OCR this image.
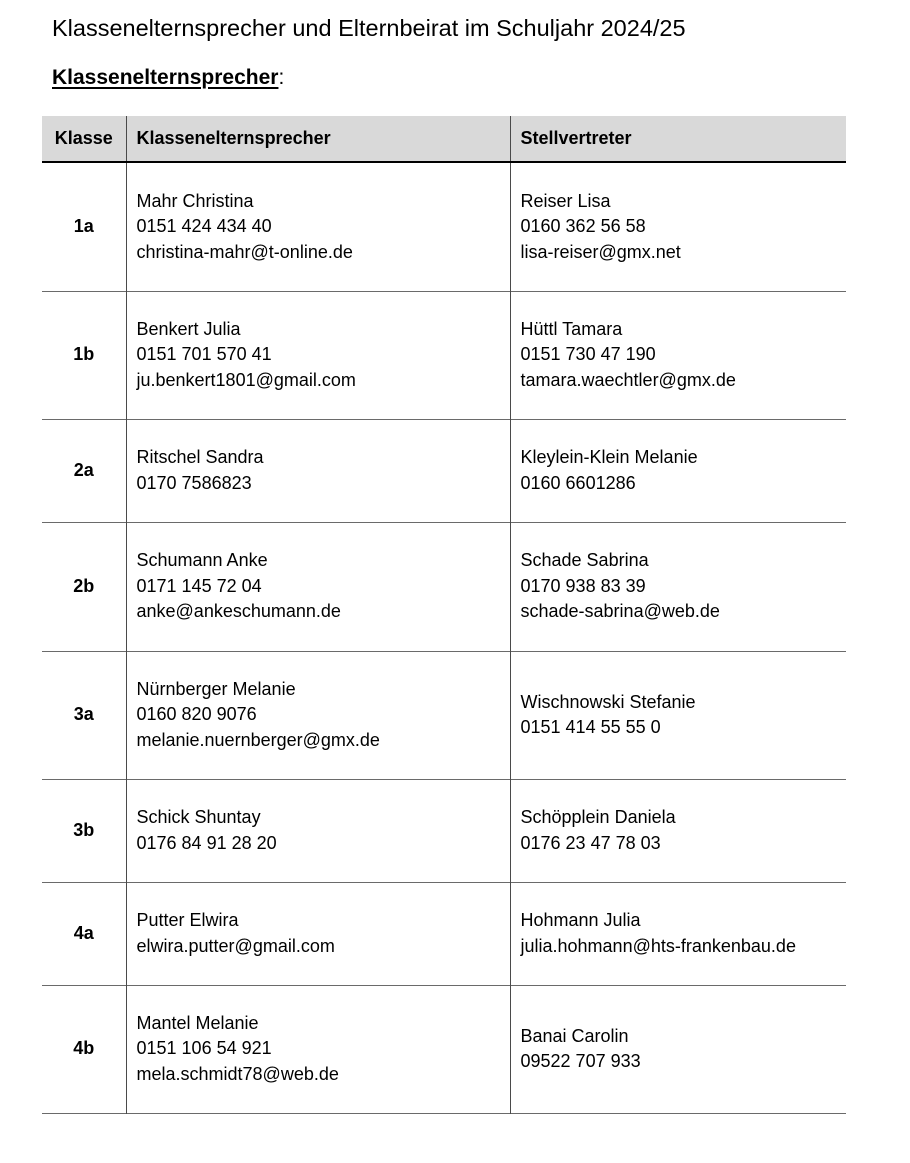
Klassenelternsprecher und Elternbeirat im Schuljahr 2024/25
Klassenelternsprecher:
Klasse	Klassenelternsprecher	Stellvertreter
1a	Mahr Christina
0151 424 434 40
christina-mahr@t-online.de	Reiser Lisa
0160 362 56 58
lisa-reiser@gmx.net

1b	Benkert Julia
0151 701 570 41
ju.benkert1801@gmail.com	Hüttl Tamara
0151 730 47 190
tamara.waechtler@gmx.de

2a	Ritschel Sandra
0170 7586823	Kleylein-Klein Melanie
0160 6601286

2b	Schumann Anke
0171 145 72 04
anke@ankeschumann.de	Schade Sabrina
0170 938 83 39
schade-sabrina@web.de

3a	Nürnberger Melanie
0160 820 9076
melanie.nuernberger@gmx.de	Wischnowski Stefanie
0151 414 55 55 0

3b	Schick Shuntay
0176 84 91 28 20	Schöpplein Daniela
0176 23 47 78 03

4a	Putter Elwira
elwira.putter@gmail.com	Hohmann Julia
julia.hohmann@hts-frankenbau.de

4b	Mantel Melanie
0151 106 54 921
mela.schmidt78@web.de	Banai Carolin
09522 707 933
